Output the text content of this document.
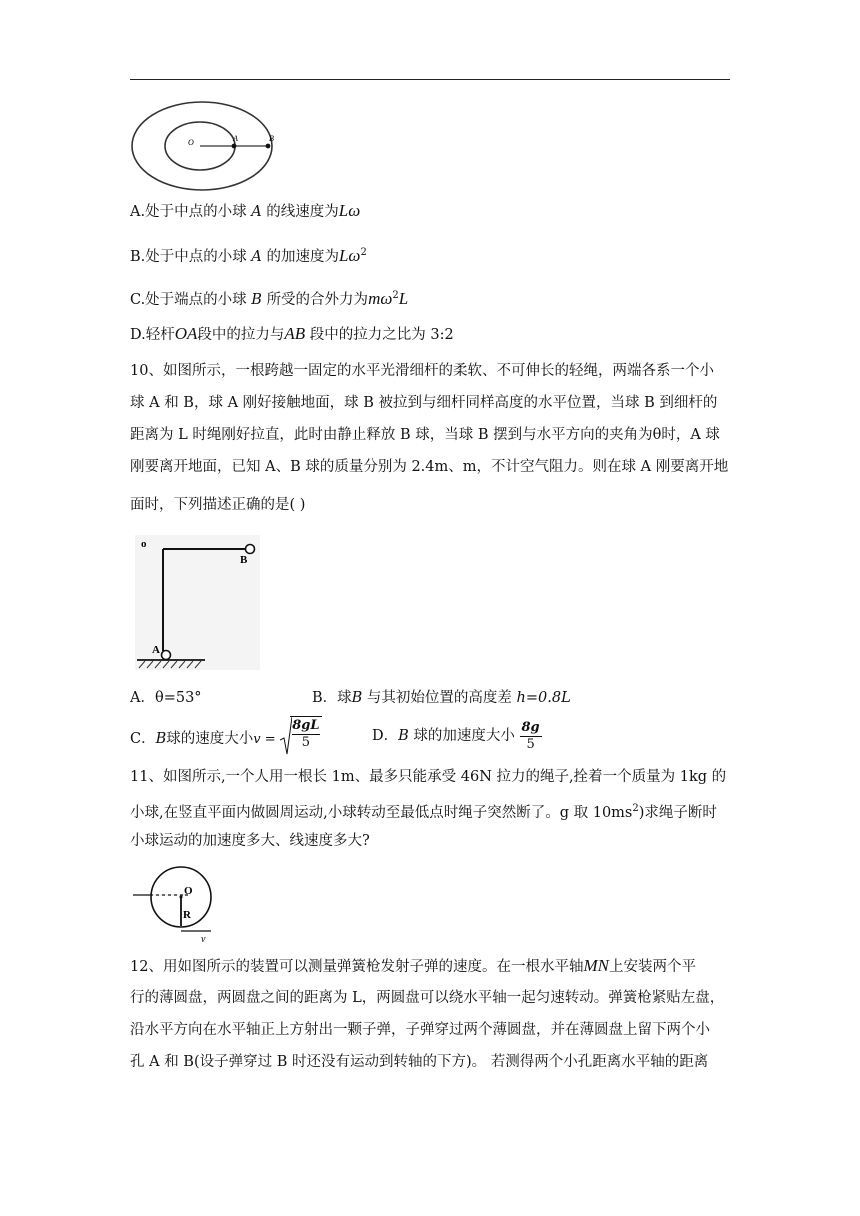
O	A	B
A.处于中点的小球 A 的线速度为Lω
B.处于中点的小球 A 的加速度为$L\omega^2$
C.处于端点的小球 B 所受的合外力为$m\omega^2L$
D.轻杆OA段中的拉力与AB 段中的拉力之比为 3:2
10、如图所示，一根跨越一固定的水平光滑细杆的柔软、不可伸长的轻绳，两端各系一个小
球 A 和 B，球 A 刚好接触地面，球 B 被拉到与细杆同样高度的水平位置，当球 B 到细杆的
距离为 L 时绳刚好拉直，此时由静止释放 B 球，当球 B 摆到与水平方向的夹角为θ时，A 球
刚要离开地面，已知 A、B 球的质量分别为 2.4m、m，不计空气阻力。则在球 A 刚要离开地
面时，下列描述正确的是( )
o
A
B
A．θ=53°	B．球B 与其初始位置的高度差 h=0.8L
C．B球的速度大小$v = \frac{8gL}{5}$	D．B 球的加速度大小 $\frac{8g}{5}$
11、如图所示,一个人用一根长 1m、最多只能承受 46N 拉力的绳子,拴着一个质量为 1kg 的
小球,在竖直平面内做圆周运动,小球转动至最低点时绳子突然断了。g 取 $10ms^2$)求绳子断时
小球运动的加速度多大、线速度多大?
O
R
v
12、用如图所示的装置可以测量弹簧枪发射子弹的速度。在一根水平轴MN上安装两个平
行的薄圆盘，两圆盘之间的距离为 L，两圆盘可以绕水平轴一起匀速转动。弹簧枪紧贴左盘，
沿水平方向在水平轴正上方射出一颗子弹，子弹穿过两个薄圆盘，并在薄圆盘上留下两个小
孔 A 和 B(设子弹穿过 B 时还没有运动到转轴的下方)。 若测得两个小孔距离水平轴的距离
